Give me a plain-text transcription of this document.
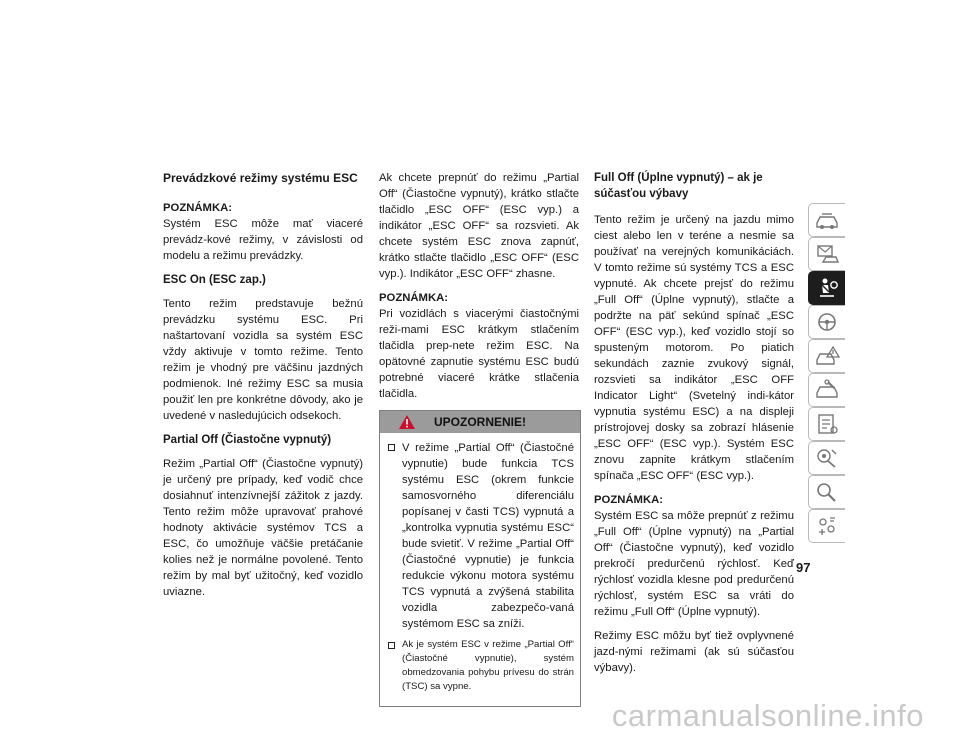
Prevádzkové režimy systému ESC

POZNÁMKA:

Systém ESC môže mať viaceré prevádz-kové režimy, v závislosti od modelu a režimu prevádzky.

ESC On (ESC zap.)

Tento režim predstavuje bežnú prevádzku systému ESC. Pri naštartovaní vozidla sa systém ESC vždy aktivuje v tomto režime. Tento režim je vhodný pre väčšinu jazdných podmienok. Iné režimy ESC sa musia použiť len pre konkrétne dôvody, ako je uvedené v nasledujúcich odsekoch.

Partial Off (Čiastočne vypnutý)

Režim „Partial Off“ (Čiastočne vypnutý) je určený pre prípady, keď vodič chce dosiahnuť intenzívnejší zážitok z jazdy. Tento režim môže upravovať prahové hodnoty aktivácie systémov TCS a ESC, čo umožňuje väčšie pretáčanie kolies než je normálne povolené. Tento režim by mal byť užitočný, keď vozidlo uviazne.

Ak chcete prepnúť do režimu „Partial Off“ (Čiastočne vypnutý), krátko stlačte tlačidlo „ESC OFF“ (ESC vyp.) a indikátor „ESC OFF“ sa rozsvieti. Ak chcete systém ESC znova zapnúť, krátko stlačte tlačidlo „ESC OFF“ (ESC vyp.). Indikátor „ESC OFF“ zhasne.

POZNÁMKA:

Pri vozidlách s viacerými čiastočnými reži-mami ESC krátkym stlačením tlačidla prep-nete režim ESC. Na opätovné zapnutie systému ESC budú potrebné viaceré krátke stlačenia tlačidla.

UPOZORNENIE!
V režime „Partial Off“ (Čiastočné vypnutie) bude funkcia TCS systému ESC (okrem funkcie samosvorného diferenciálu popísanej v časti TCS) vypnutá a „kontrolka vypnutia systému ESC“ bude svietiť. V režime „Partial Off“ (Čiastočné vypnutie) je funkcia redukcie výkonu motora systému TCS vypnutá a zvýšená stabilita vozidla zabezpečo-vaná systémom ESC sa zníži.
Ak je systém ESC v režime „Partial Off“ (Čiastočné vypnutie), systém obmedzovania pohybu prívesu do strán (TSC) sa vypne.

Full Off (Úplne vypnutý) – ak je súčasťou výbavy

Tento režim je určený na jazdu mimo ciest alebo len v teréne a nesmie sa používať na verejných komunikáciách. V tomto režime sú systémy TCS a ESC vypnuté. Ak chcete prejsť do režimu „Full Off“ (Úplne vypnutý), stlačte a podržte na päť sekúnd spínač „ESC OFF“ (ESC vyp.), keď vozidlo stojí so spusteným motorom. Po piatich sekundách zaznie zvukový signál, rozsvieti sa indikátor „ESC OFF Indicator Light“ (Svetelný indi-kátor vypnutia systému ESC) a na displeji prístrojovej dosky sa zobrazí hlásenie „ESC OFF“ (ESC vyp.). Systém ESC znovu zapnite krátkym stlačením spínača „ESC OFF“ (ESC vyp.).

POZNÁMKA:

Systém ESC sa môže prepnúť z režimu „Full Off“ (Úplne vypnutý) na „Partial Off“ (Čiastočne vypnutý), keď vozidlo prekročí predurčenú rýchlosť. Keď rýchlosť vozidla klesne pod predurčenú rýchlosť, systém ESC sa vráti do režimu „Full Off“ (Úplne vypnutý).

Režimy ESC môžu byť tiež ovplyvnené jazd-nými režimami (ak sú súčasťou výbavy).

97
carmanualsonline.info
